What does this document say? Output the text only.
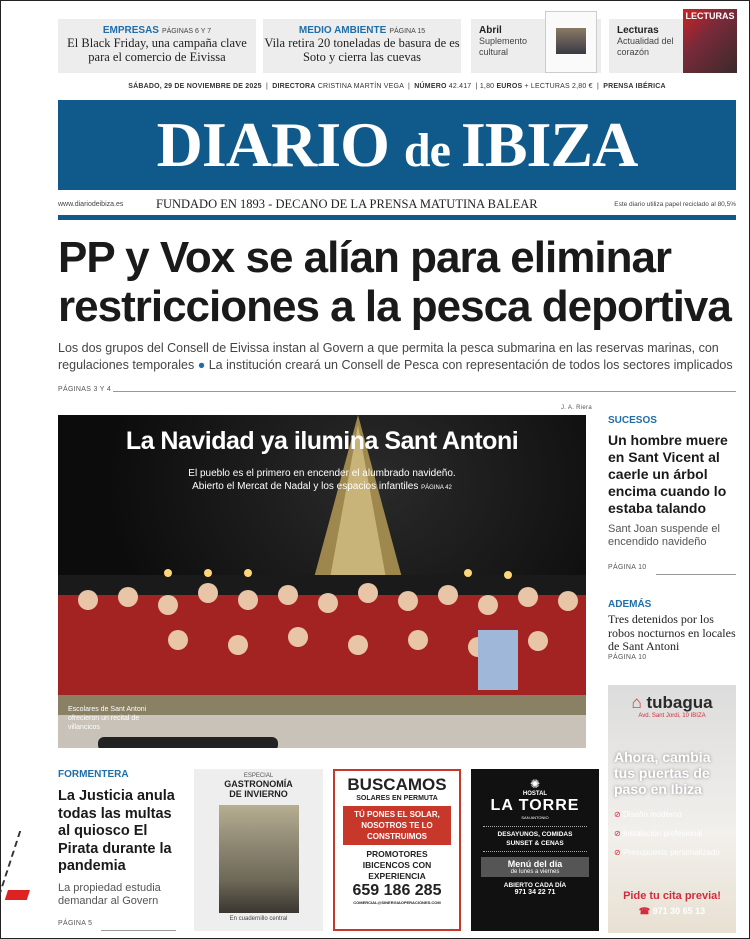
EMPRESAS PÁGINAS 6 Y 7
El Black Friday, una campaña clave para el comercio de Eivissa
MEDIO AMBIENTE PÁGINA 15
Vila retira 20 toneladas de basura de es Soto y cierra las cuevas
Abril
Suplemento cultural
Lecturas
Actualidad del corazón
LECTURAS
SÁBADO, 29 DE NOVIEMBRE DE 2025  |  DIRECTORA CRISTINA MARTÍN VEGA  |  NÚMERO 42.417  | 1,80 EUROS + LECTURAS 2,80 €  |  PRENSA IBÉRICA
DIARIO de IBIZA
www.diariodeibiza.es	FUNDADO EN 1893 - DECANO DE LA PRENSA MATUTINA BALEAR	Este diario utiliza papel reciclado al 80,5%
PP y Vox se alían para eliminar restricciones a la pesca deportiva
Los dos grupos del Consell de Eivissa instan al Govern a que permita la pesca submarina en las reservas marinas, con regulaciones temporales ● La institución creará un Consell de Pesca con representación de todos los sectores implicados
PÁGINAS 3 Y 4
J. A. Riera
La Navidad ya ilumina Sant Antoni
El pueblo es el primero en encender el alumbrado navideño.
Abierto el Mercat de Nadal y los espacios infantiles PÁGINA 42
Escolares de Sant Antoni ofrecieron un recital de villancicos
SUCESOS
Un hombre muere en Sant Vicent al caerle un árbol encima cuando lo estaba talando
Sant Joan suspende el encendido navideño
PÁGINA 10
ADEMÁS
Tres detenidos por los robos nocturnos en locales de Sant Antoni
PÁGINA 10
⌂ tubagua
Avd. Sant Jordi, 10 IBIZA
Ahora, cambia tus puertas de paso en Ibiza
⊘ Diseño moderno
⊘ Instalación profesional
⊘ Presupuesto personalizado
Pide tu cita previa!
☎ 971 30 65 13
FORMENTERA
La Justicia anula todas las multas al quiosco El Pirata durante la pandemia
La propiedad estudia demandar al Govern
PÁGINA 5
ESPECIAL
GASTRONOMÍA DE INVIERNO
En cuadernillo central
BUSCAMOS
SOLARES EN PERMUTA
TÚ PONES EL SOLAR, NOSOTROS TE LO CONSTRUIMOS
PROMOTORES IBICENCOS CON EXPERIENCIA
659 186 285
COMERCIAL@SINERGIAOPERACIONES.COM
✺
HOSTAL
LA TORRE
SAN ANTONIO
DESAYUNOS, COMIDAS SUNSET & CENAS
Menú del día
de lunes a viernes
ABIERTO CADA DÍA
971 34 22 71
